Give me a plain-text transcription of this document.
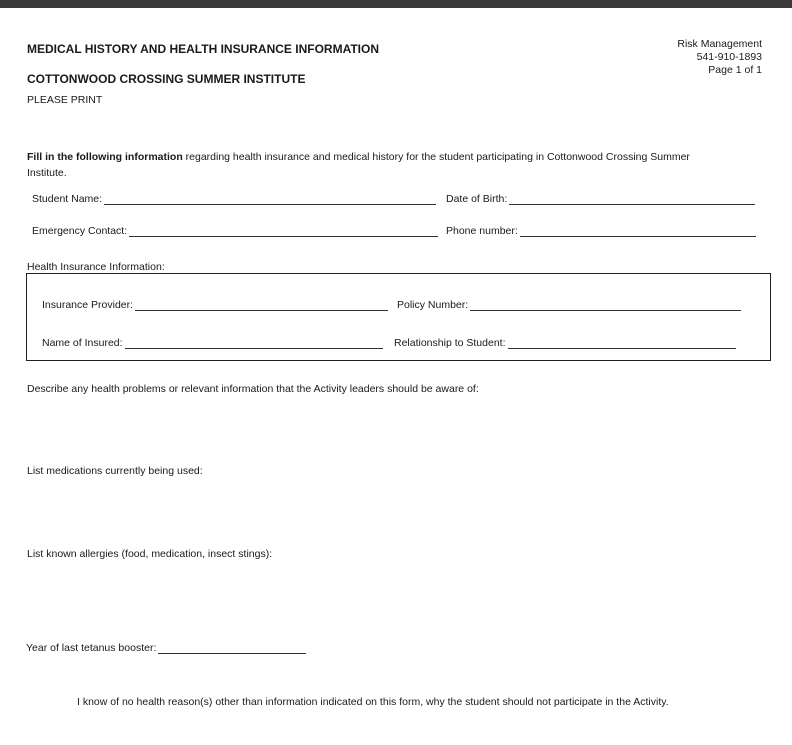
MEDICAL HISTORY AND HEALTH INSURANCE INFORMATION
COTTONWOOD CROSSING SUMMER INSTITUTE
PLEASE PRINT
Risk Management
541-910-1893
Page 1 of 1
Fill in the following information regarding health insurance and medical history for the student participating in Cottonwood Crossing Summer
Institute.
Student Name:	Date of Birth:
Emergency Contact:	Phone number:
Health Insurance Information:
Insurance Provider:	Policy Number:
Name of Insured:	Relationship to Student:
Describe any health problems or relevant information that the Activity leaders should be aware of:
List medications currently being used:
List known allergies (food, medication, insect stings):
Year of last tetanus booster:
I know of no health reason(s) other than information indicated on this form, why the student should not participate in the Activity.
